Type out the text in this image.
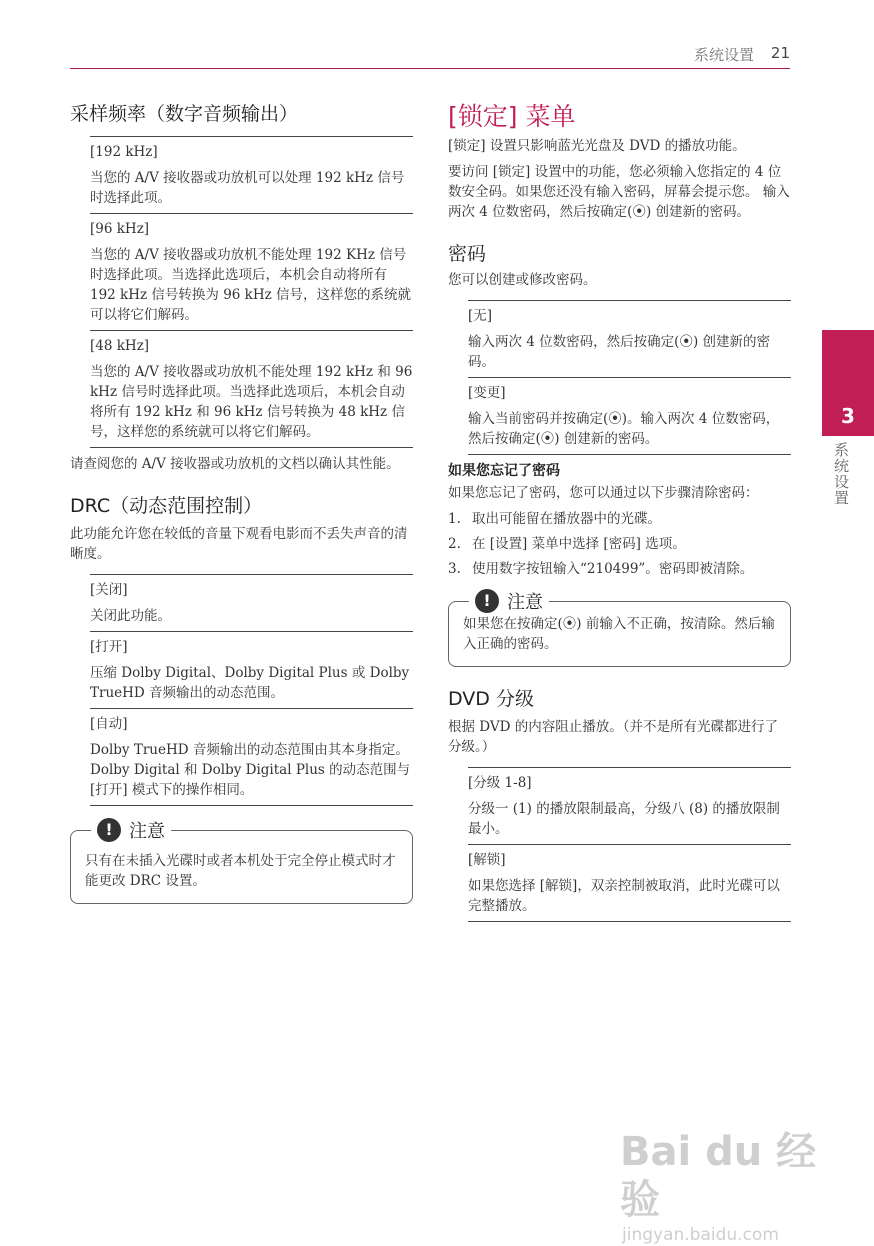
系统设置 21
采样频率（数字音频输出）
[192 kHz]
当您的 A/V 接收器或功放机可以处理 192 kHz 信号时选择此项。
[96 kHz]
当您的 A/V 接收器或功放机不能处理 192 KHz 信号时选择此项。当选择此选项后，本机会自动将所有 192 kHz 信号转换为 96 kHz 信号，这样您的系统就可以将它们解码。
[48 kHz]
当您的 A/V 接收器或功放机不能处理 192 kHz 和 96 kHz 信号时选择此项。当选择此选项后，本机会自动将所有 192 kHz 和 96 kHz 信号转换为 48 kHz 信号，这样您的系统就可以将它们解码。

请查阅您的 A/V 接收器或功放机的文档以确认其性能。

DRC（动态范围控制）

此功能允许您在较低的音量下观看电影而不丢失声音的清晰度。

[关闭]
关闭此功能。
[打开]
压缩 Dolby Digital、Dolby Digital Plus 或 Dolby TrueHD 音频输出的动态范围。
[自动]
Dolby TrueHD 音频输出的动态范围由其本身指定。Dolby Digital 和 Dolby Digital Plus 的动态范围与 [打开] 模式下的操作相同。
! 注意
只有在未插入光碟时或者本机处于完全停止模式时才能更改 DRC 设置。
[锁定] 菜单

[锁定] 设置只影响蓝光光盘及 DVD 的播放功能。

要访问 [锁定] 设置中的功能，您必须输入您指定的 4 位数安全码。如果您还没有输入密码，屏幕会提示您。 输入两次 4 位数密码，然后按确定(⦿) 创建新的密码。

密码

您可以创建或修改密码。

[无]
输入两次 4 位数密码，然后按确定(⦿) 创建新的密码。
[变更]
输入当前密码并按确定(⦿)。输入两次 4 位数密码，然后按确定(⦿) 创建新的密码。
如果您忘记了密码

如果您忘记了密码，您可以通过以下步骤清除密码：

1. 取出可能留在播放器中的光碟。
2. 在 [设置] 菜单中选择 [密码] 选项。
3. 使用数字按钮输入“210499”。密码即被清除。
! 注意
如果您在按确定(⦿) 前输入不正确，按清除。然后输入正确的密码。
DVD 分级

根据 DVD 的内容阻止播放。（并不是所有光碟都进行了分级。）

[分级 1-8]
分级一 (1) 的播放限制最高，分级八 (8) 的播放限制最小。
[解锁]
如果您选择 [解锁]，双亲控制被取消，此时光碟可以完整播放。
3
系统设置
Bai du 经验
jingyan.baidu.com
